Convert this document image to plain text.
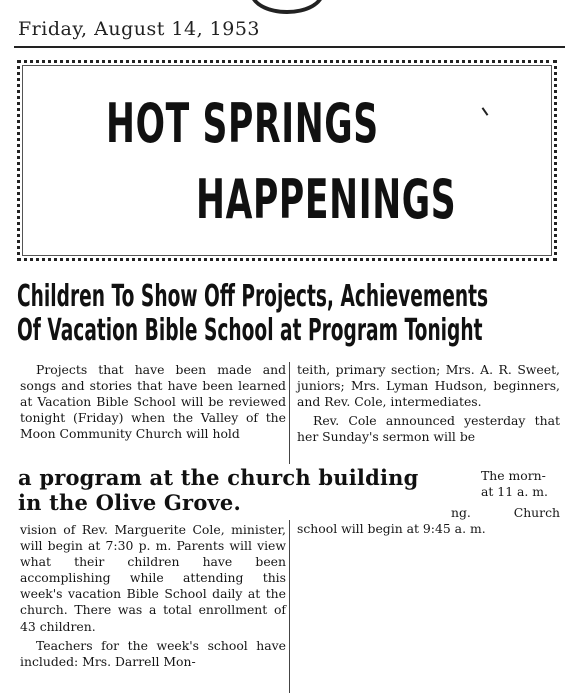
Friday, August 14, 1953
HOT SPRINGS
HAPPENINGS
Children To Show Off Projects, Achievements
Of Vacation Bible School at Program Tonight

Projects that have been made and songs and stories that have been learned at Vacation Bible School will be reviewed tonight (Friday) when the Valley of the Moon Community Church will hold

vision of Rev. Marguerite Cole, minister, will begin at 7:30 p. m. Parents will view what their children have been accomplishing while attending this week's vacation Bible School daily at the church. There was a total enrollment of 43 children.

Teachers for the week's school have included: Mrs. Darrell Mon-

teith, primary section; Mrs. A. R. Sweet, juniors; Mrs. Lyman Hudson, beginners, and Rev. Cole, intermediates.

Rev. Cole announced yesterday that her Sunday's sermon will be

a program at the church building
in the Olive Grove.
The morn-
at 11 a. m.

ng. Church school will begin at 9:45 a. m.
